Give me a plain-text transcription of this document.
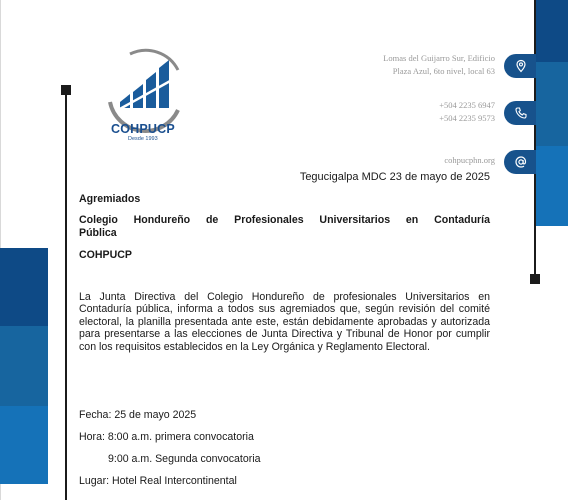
COHPUCP
Desde 1993
Lomas del Guijarro Sur, Edificio
Plaza Azul, 6to nivel, local 63
+504 2235 6947
+504 2235 9573
cohpucphn.org
Tegucigalpa MDC 23 de mayo de 2025
Agremiados
Colegio Hondureño de Profesionales Universitarios en Contaduría
Pública
COHPUCP
La Junta Directiva del Colegio Hondureño de profesionales Universitarios en Contaduría pública, informa a todos sus agremiados que, según revisión del comité electoral, la planilla presentada ante este, están debidamente aprobadas y autorizada para presentarse a las elecciones de Junta Directiva y Tribunal de Honor por cumplir con los requisitos establecidos en la Ley Orgánica y Reglamento Electoral.
Fecha: 25 de mayo 2025
Hora: 8:00 a.m. primera convocatoria
9:00 a.m. Segunda convocatoria
Lugar: Hotel Real Intercontinental
